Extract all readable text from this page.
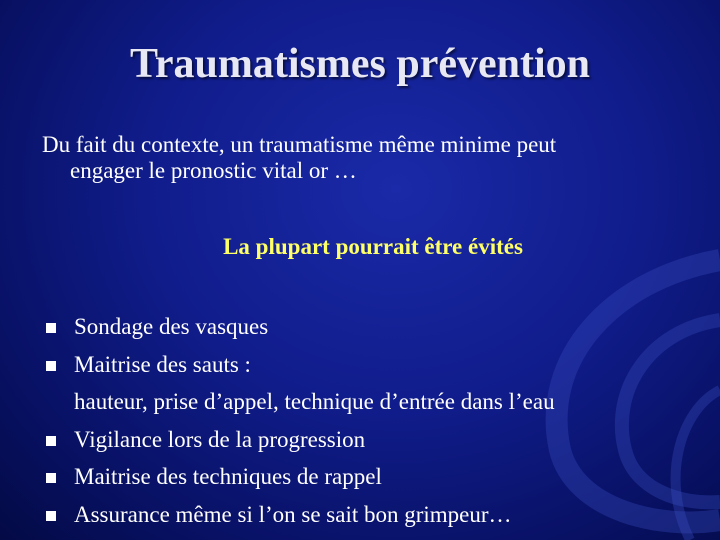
Traumatismes prévention
Du fait du contexte, un traumatisme même minime peut
engager le pronostic vital or …
La plupart pourrait être évités
Sondage des vasques
Maitrise des sauts :
hauteur, prise d’appel, technique d’entrée dans l’eau
Vigilance lors de la progression
Maitrise des techniques de rappel
Assurance même si l’on se sait bon grimpeur…
